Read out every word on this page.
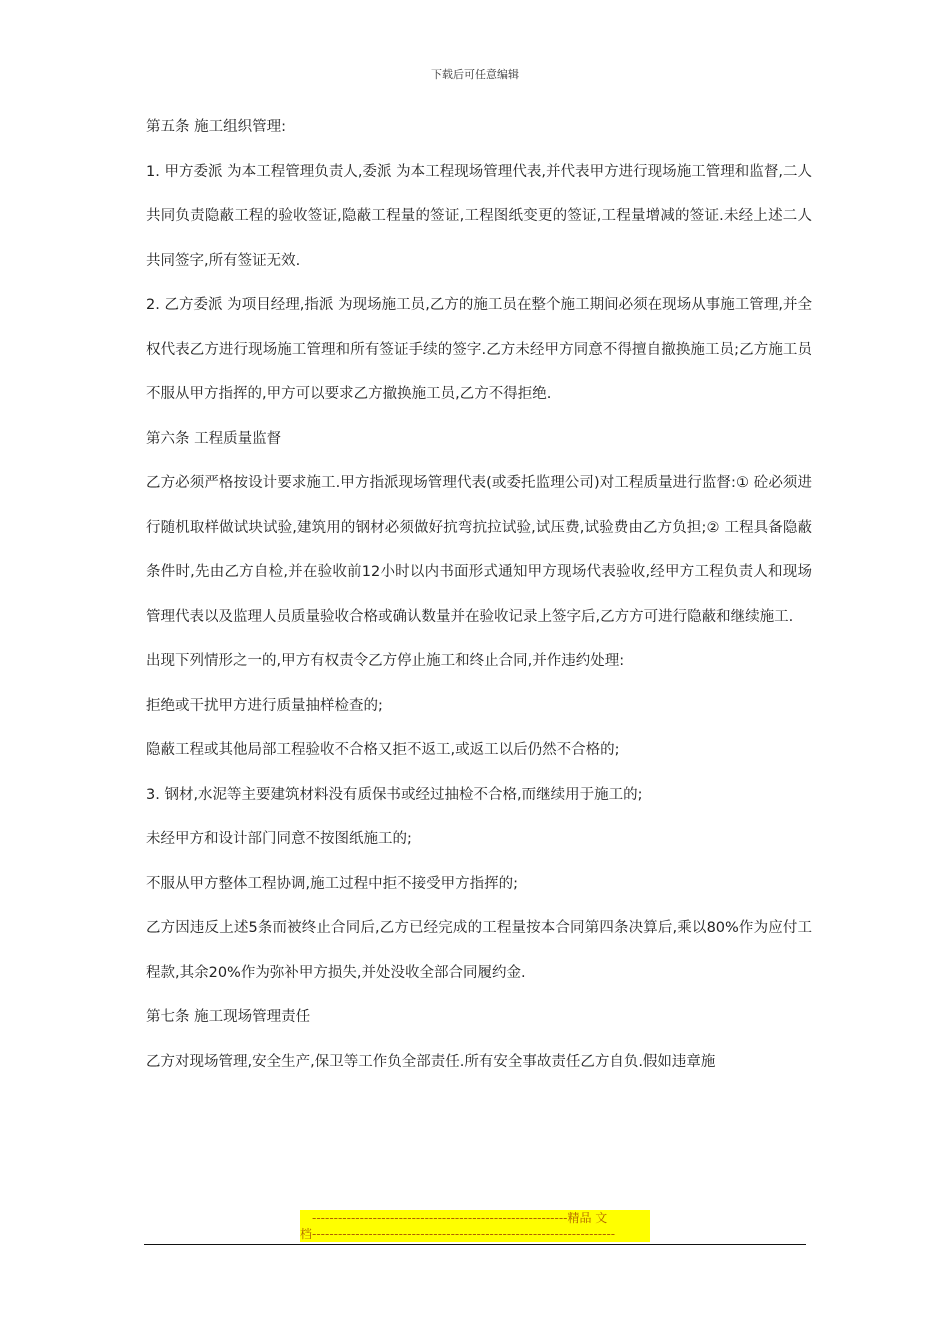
下载后可任意编辑

第五条 施工组织管理:

1. 甲方委派 为本工程管理负责人,委派 为本工程现场管理代表,并代表甲方进行现场施工管理和监督,二人共同负责隐蔽工程的验收签证,隐蔽工程量的签证,工程图纸变更的签证,工程量增减的签证.未经上述二人共同签字,所有签证无效.

2. 乙方委派 为项目经理,指派 为现场施工员,乙方的施工员在整个施工期间必须在现场从事施工管理,并全权代表乙方进行现场施工管理和所有签证手续的签字.乙方未经甲方同意不得擅自撤换施工员;乙方施工员不服从甲方指挥的,甲方可以要求乙方撤换施工员,乙方不得拒绝.

第六条 工程质量监督

乙方必须严格按设计要求施工.甲方指派现场管理代表(或委托监理公司)对工程质量进行监督:① 砼必须进行随机取样做试块试验,建筑用的钢材必须做好抗弯抗拉试验,试压费,试验费由乙方负担;② 工程具备隐蔽条件时,先由乙方自检,并在验收前12小时以内书面形式通知甲方现场代表验收,经甲方工程负责人和现场管理代表以及监理人员质量验收合格或确认数量并在验收记录上签字后,乙方方可进行隐蔽和继续施工.

出现下列情形之一的,甲方有权责令乙方停止施工和终止合同,并作违约处理:

拒绝或干扰甲方进行质量抽样检查的;

隐蔽工程或其他局部工程验收不合格又拒不返工,或返工以后仍然不合格的;

3. 钢材,水泥等主要建筑材料没有质保书或经过抽检不合格,而继续用于施工的;

未经甲方和设计部门同意不按图纸施工的;

不服从甲方整体工程协调,施工过程中拒不接受甲方指挥的;

乙方因违反上述5条而被终止合同后,乙方已经完成的工程量按本合同第四条决算后,乘以80%作为应付工程款,其余20%作为弥补甲方损失,并处没收全部合同履约金.

第七条 施工现场管理责任

乙方对现场管理,安全生产,保卫等工作负全部责任.所有安全事故责任乙方自负.假如违章施

-----------------------------------------------------------精品 文
档----------------------------------------------------------------------
